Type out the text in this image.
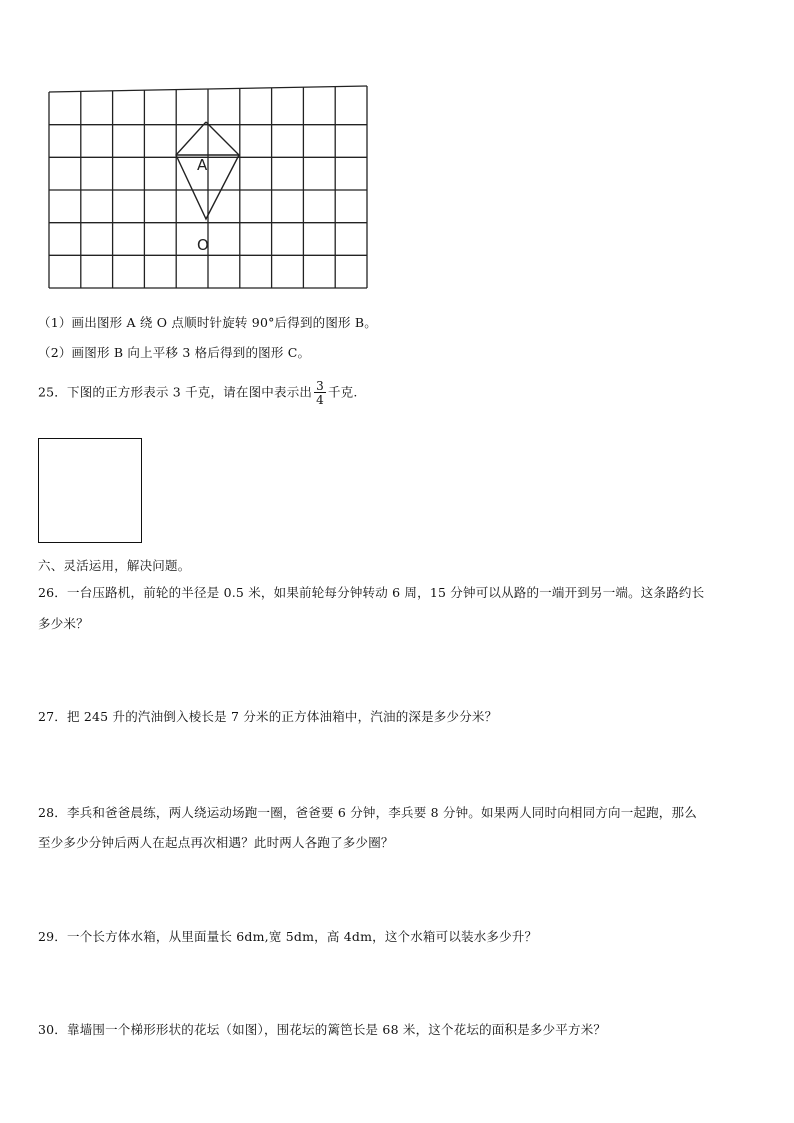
A
O
（1）画出图形 A 绕 O 点顺时针旋转 90°后得到的图形 B。
（2）画图形 B 向上平移 3 格后得到的图形 C。
25．下图的正方形表示 3 千克，请在图中表示出 $\frac{3}{4}$ 千克.
六、灵活运用，解决问题。
26．一台压路机，前轮的半径是 0.5 米，如果前轮每分钟转动 6 周，15 分钟可以从路的一端开到另一端。这条路约长
多少米？
27．把 245 升的汽油倒入棱长是 7 分米的正方体油箱中，汽油的深是多少分米？
28．李兵和爸爸晨练，两人绕运动场跑一圈，爸爸要 6 分钟，李兵要 8 分钟。如果两人同时向相同方向一起跑，那么
至少多少分钟后两人在起点再次相遇？此时两人各跑了多少圈？
29．一个长方体水箱，从里面量长 6dm,宽 5dm，高 4dm，这个水箱可以装水多少升？
30．靠墙围一个梯形形状的花坛（如图），围花坛的篱笆长是 68 米，这个花坛的面积是多少平方米？
